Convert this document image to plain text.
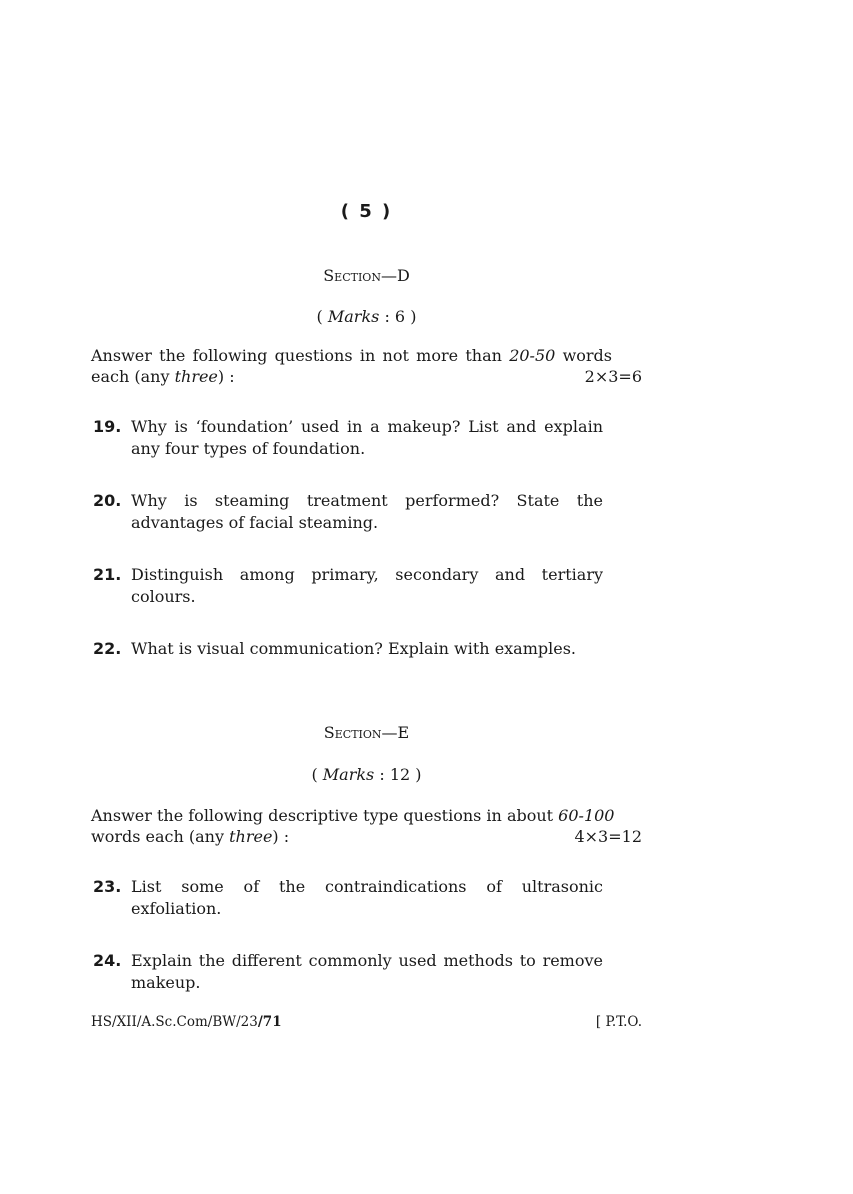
( 5 )
Section—D
( Marks : 6 )
Answer the following questions in not more than 20-50 words
each (any three) :	2×3=6
19. Why is ‘foundation’ used in a makeup? List and explain any four types of foundation.
20. Why is steaming treatment performed? State the advantages of facial steaming.
21. Distinguish among primary, secondary and tertiary colours.
22. What is visual communication? Explain with examples.
Section—E
( Marks : 12 )
Answer the following descriptive type questions in about 60-100
words each (any three) :	4×3=12
23. List some of the contraindications of ultrasonic exfoliation.
24. Explain the different commonly used methods to remove makeup.
HS/XII/A.Sc.Com/BW/23/71	[ P.T.O.
